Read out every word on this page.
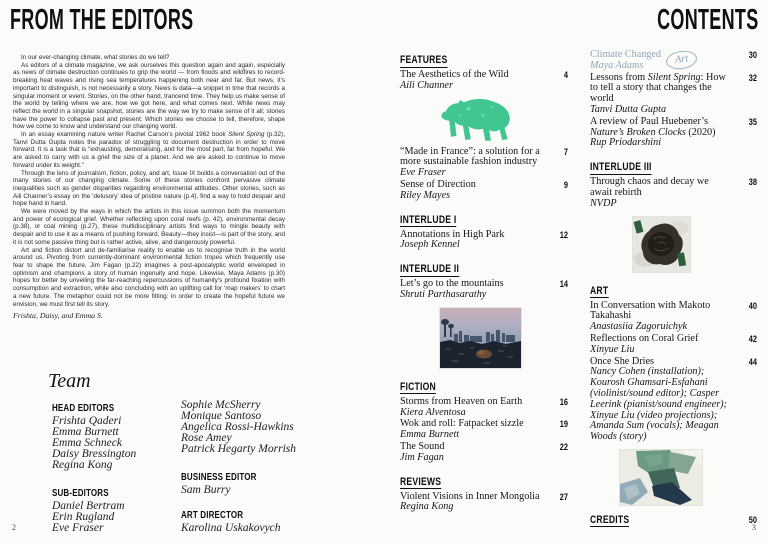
FROM THE EDITORS	CONTENTS

In our ever-changing climate, what stories do we tell?

As editors of a climate magazine, we ask ourselves this question again and again, especially as news of climate destruction continues to grip the world — from floods and wildfires to record-breaking heat waves and rising sea temperatures happening both near and far. But news, it’s important to distinguish, is not necessarily a story. News is data—a snippet in time that records a singular moment or event. Stories, on the other hand, trancend time. They help us make sense of the world by telling where we are, how we got here, and what comes next. While news may reflect the world in a singular snapshot, stories are the way we try to make sense of it all; stories have the power to collapse past and present. Which stories we choose to tell, therefore, shape how we come to know and understand our changing world.

In an essay examining nature writer Rachel Carson’s pivotal 1962 book Silent Spring (p.32), Tanvi Dutta Gupta notes the paradox of struggling to document destruction in order to move forward. It is a task that is “exhausting, demoralising, and for the most part, far from hopeful. We are asked to carry with us a grief the size of a planet. And we are asked to continue to move forward under its weight.”

Through the lens of journalism, fiction, policy, and art, Issue IX builds a conversation out of the many stories of our changing climate. Some of these stories confront pervasive climate inequalities such as gender disparities regarding environmental attitudes. Other stories, such as Aili Channer’s essay on the ‘delusory’ idea of pristine nature (p.4), find a way to hold despair and hope hand in hand.

We were moved by the ways in which the artists in this issue summon both the momentum and power of ecological grief. Whether reflecting upon coral reefs (p. 42), environmental decay (p.38), or coal mining (p.27), these multidisciplinary artists find ways to mingle beauty with despair and to use it as a means of pushing forward. Beauty—they insist—is part of the story, and it is not some passive thing but is rather active, alive, and dangerously powerful.

Art and fiction distort and de-familiarise reality to enable us to recognise truth in the world around us. Pivoting from currently-dominant environmental fiction tropes which frequently use fear to shape the future, Jim Fagan (p.22) imagines a post-apocalyptic world enveloped in optimism and champions a story of human ingenuity and hope. Likewise, Maya Adams (p.30) hopes for better by unveiling the far-reaching repercussions of humanity’s profound fixation with consumption and extraction, while also concluding with an uplifting call for ‘map makers’ to chart a new future. The metaphor could not be more fitting: in order to create the hopeful future we envision, we must first tell its story.

Frishta, Daisy, and Emma S.
Team
HEAD EDITORS
Frishta Qaderi
Emma Burnett
Emma Schneck
Daisy Bressington
Regina Kong
SUB-EDITORS
Daniel Bertram
Erin Rugland
Eve Fraser
Sophie McSherry
Monique Santoso
Angelica Rossi-Hawkins
Rose Amey
Patrick Hegarty Morrish
BUSINESS EDITOR
Sam Burry
ART DIRECTOR
Karolina Uskakovych
2	3
FEATURES
The Aesthetics of the Wild
Aili Channer
4
“Made in France”: a solution for a more sustainable fashion industry
Eve Fraser
7
Sense of Direction
Riley Mayes
9
INTERLUDE I
Annotations in High Park
Joseph Kennel
12
INTERLUDE II
Let’s go to the mountains
Shruti Parthasarathy
14
FICTION
Storms from Heaven on Earth
Kiera Alventosa
16
Wok and roll: Fatpacket sizzle
Emma Burnett
19
The Sound
Jim Fagan
22
REVIEWS
Violent Visions in Inner Mongolia
Regina Kong
27
Art
Climate Changed
Maya Adams
30
Lessons from Silent Spring: How to tell a story that changes the world
Tanvi Dutta Gupta
32
A review of Paul Huebener’s Nature’s Broken Clocks (2020) Rup Priodarshini
35
INTERLUDE III
Through chaos and decay we await rebirth
NVDP
38
ART
In Conversation with Makoto Takahashi
Anastasiia Zagoruichyk
40
Reflections on Coral Grief
Xinyue Liu
42
Once She Dries
Nancy Cohen (installation); Kourosh Ghamsari-Esfahani (violinist/sound editor); Casper Leerink (pianist/sound engineer); Xinyue Liu (video projections); Amanda Sum (vocals); Meagan Woods (story)
44
CREDITS	50
